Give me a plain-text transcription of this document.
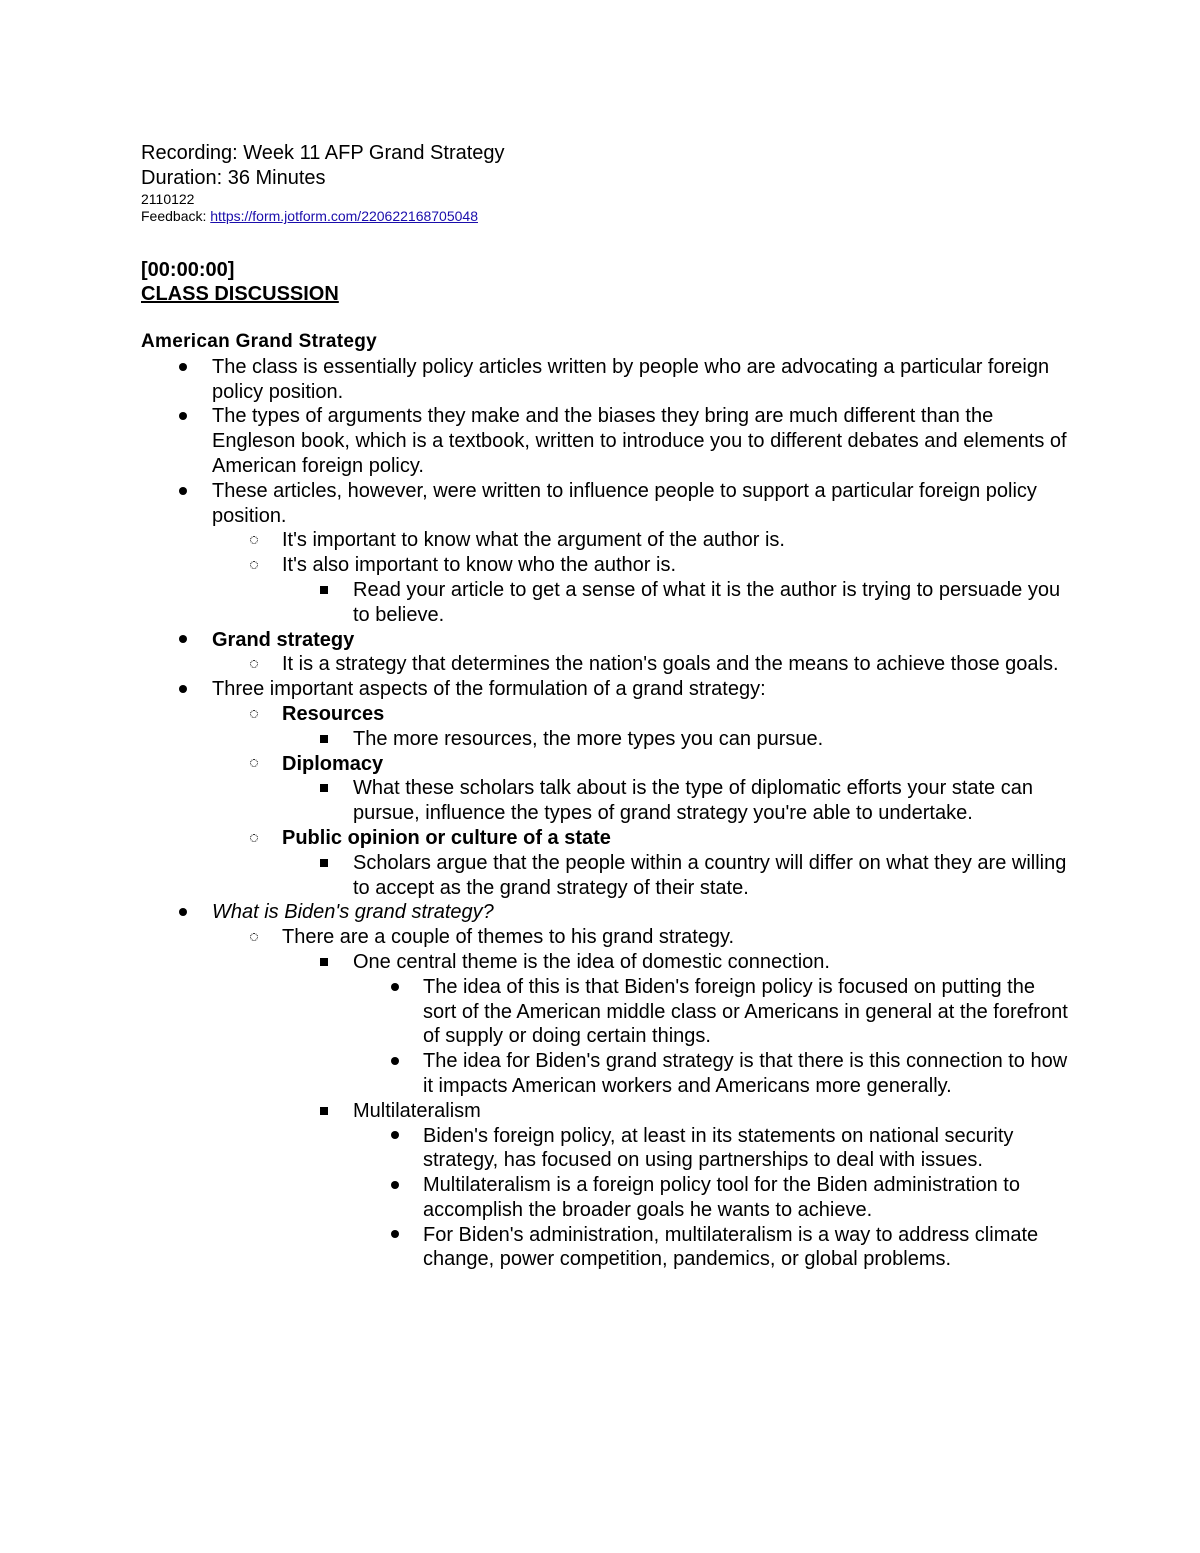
Recording: Week 11 AFP Grand Strategy
Duration: 36 Minutes
2110122
Feedback: https://form.jotform.com/220622168705048
[00:00:00]
CLASS DISCUSSION
American Grand Strategy
The class is essentially policy articles written by people who are advocating a particular foreign policy position.
The types of arguments they make and the biases they bring are much different than the Engleson book, which is a textbook, written to introduce you to different debates and elements of American foreign policy.
These articles, however, were written to influence people to support a particular foreign policy position.
It's important to know what the argument of the author is.
It's also important to know who the author is.
Read your article to get a sense of what it is the author is trying to persuade you to believe.
Grand strategy
It is a strategy that determines the nation's goals and the means to achieve those goals.
Three important aspects of the formulation of a grand strategy:
Resources
The more resources, the more types you can pursue.
Diplomacy
What these scholars talk about is the type of diplomatic efforts your state can pursue, influence the types of grand strategy you're able to undertake.
Public opinion or culture of a state
Scholars argue that the people within a country will differ on what they are willing to accept as the grand strategy of their state.
What is Biden's grand strategy?
There are a couple of themes to his grand strategy.
One central theme is the idea of domestic connection.
The idea of this is that Biden's foreign policy is focused on putting the sort of the American middle class or Americans in general at the forefront of supply or doing certain things.
The idea for Biden's grand strategy is that there is this connection to how it impacts American workers and Americans more generally.
Multilateralism
Biden's foreign policy, at least in its statements on national security strategy, has focused on using partnerships to deal with issues.
Multilateralism is a foreign policy tool for the Biden administration to accomplish the broader goals he wants to achieve.
For Biden's administration, multilateralism is a way to address climate change, power competition, pandemics, or global problems.
